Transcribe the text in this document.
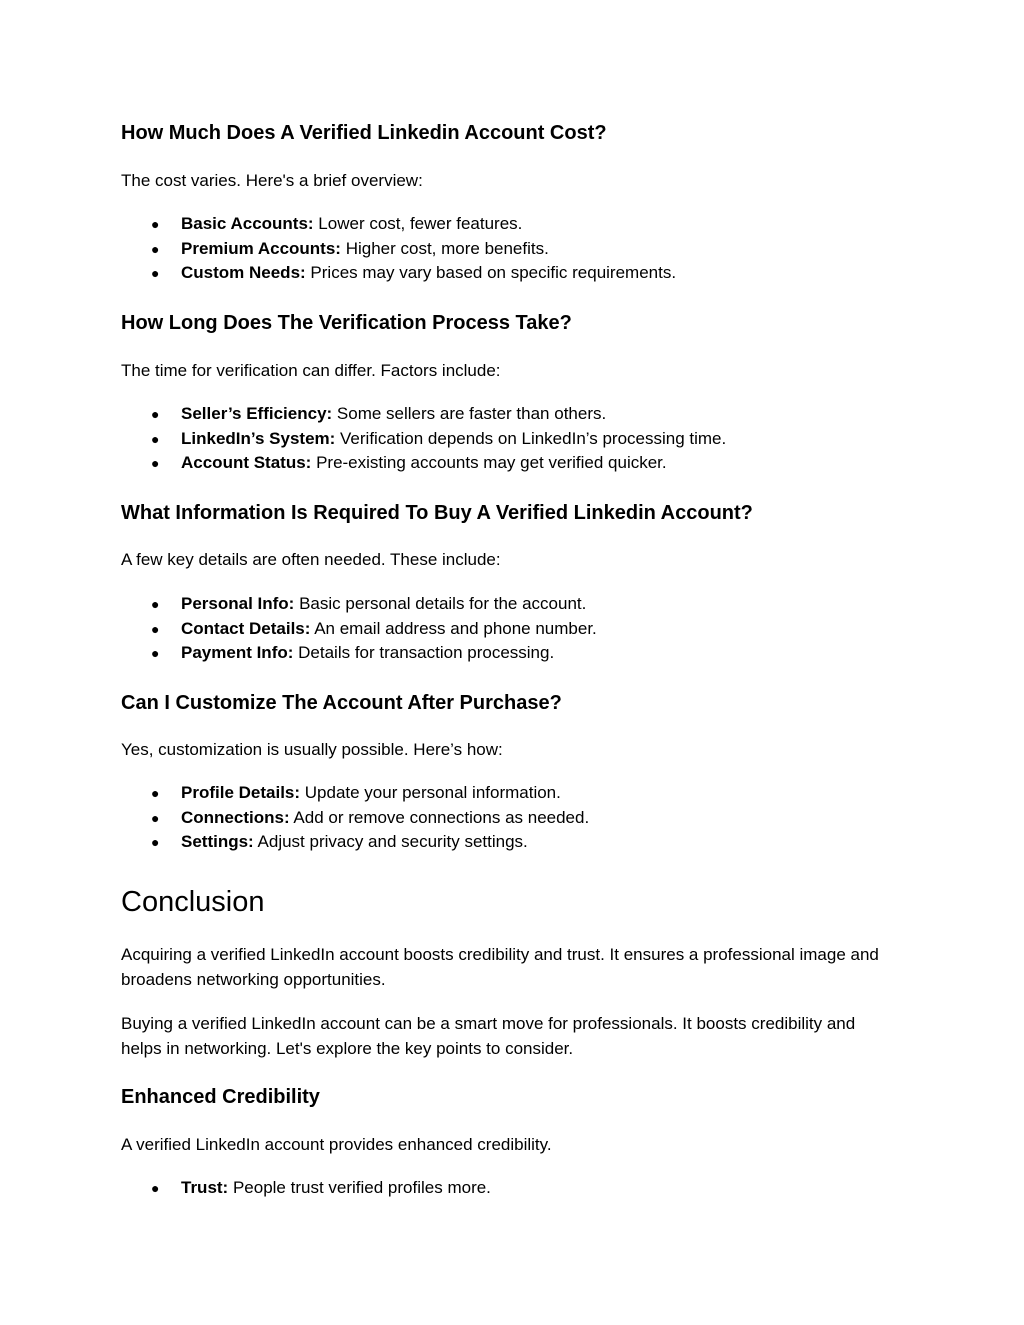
How Much Does A Verified Linkedin Account Cost?
The cost varies. Here's a brief overview:
● Basic Accounts: Lower cost, fewer features.
● Premium Accounts: Higher cost, more benefits.
● Custom Needs: Prices may vary based on specific requirements.
How Long Does The Verification Process Take?
The time for verification can differ. Factors include:
● Seller’s Efficiency: Some sellers are faster than others.
● LinkedIn’s System: Verification depends on LinkedIn’s processing time.
● Account Status: Pre-existing accounts may get verified quicker.
What Information Is Required To Buy A Verified Linkedin Account?
A few key details are often needed. These include:
● Personal Info: Basic personal details for the account.
● Contact Details: An email address and phone number.
● Payment Info: Details for transaction processing.
Can I Customize The Account After Purchase?
Yes, customization is usually possible. Here’s how:
● Profile Details: Update your personal information.
● Connections: Add or remove connections as needed.
● Settings: Adjust privacy and security settings.
Conclusion
Acquiring a verified LinkedIn account boosts credibility and trust. It ensures a professional image and broadens networking opportunities.
Buying a verified LinkedIn account can be a smart move for professionals. It boosts credibility and helps in networking. Let's explore the key points to consider.
Enhanced Credibility
A verified LinkedIn account provides enhanced credibility.
● Trust: People trust verified profiles more.
